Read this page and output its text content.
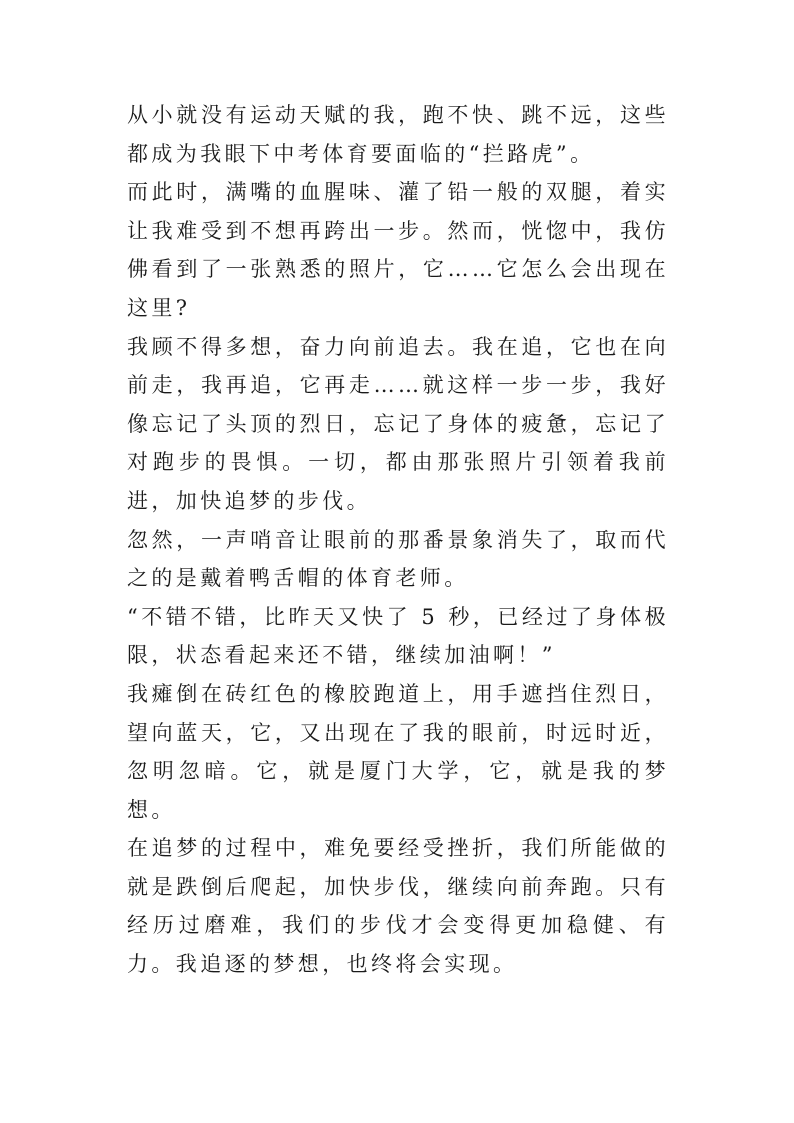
从小就没有运动天赋的我，跑不快、跳不远，这些都成为我眼下中考体育要面临的“拦路虎”。

而此时，满嘴的血腥味、灌了铅一般的双腿，着实让我难受到不想再跨出一步。然而，恍惚中，我仿佛看到了一张熟悉的照片，它……它怎么会出现在这里?

我顾不得多想，奋力向前追去。我在追，它也在向前走，我再追，它再走……就这样一步一步，我好像忘记了头顶的烈日，忘记了身体的疲惫，忘记了对跑步的畏惧。一切，都由那张照片引领着我前进，加快追梦的步伐。

忽然，一声哨音让眼前的那番景象消失了，取而代之的是戴着鸭舌帽的体育老师。

“不错不错，比昨天又快了 5 秒，已经过了身体极限，状态看起来还不错，继续加油啊！”

我瘫倒在砖红色的橡胶跑道上，用手遮挡住烈日，望向蓝天，它，又出现在了我的眼前，时远时近，忽明忽暗。它，就是厦门大学，它，就是我的梦想。

在追梦的过程中，难免要经受挫折，我们所能做的就是跌倒后爬起，加快步伐，继续向前奔跑。只有经历过磨难，我们的步伐才会变得更加稳健、有力。我追逐的梦想，也终将会实现。
